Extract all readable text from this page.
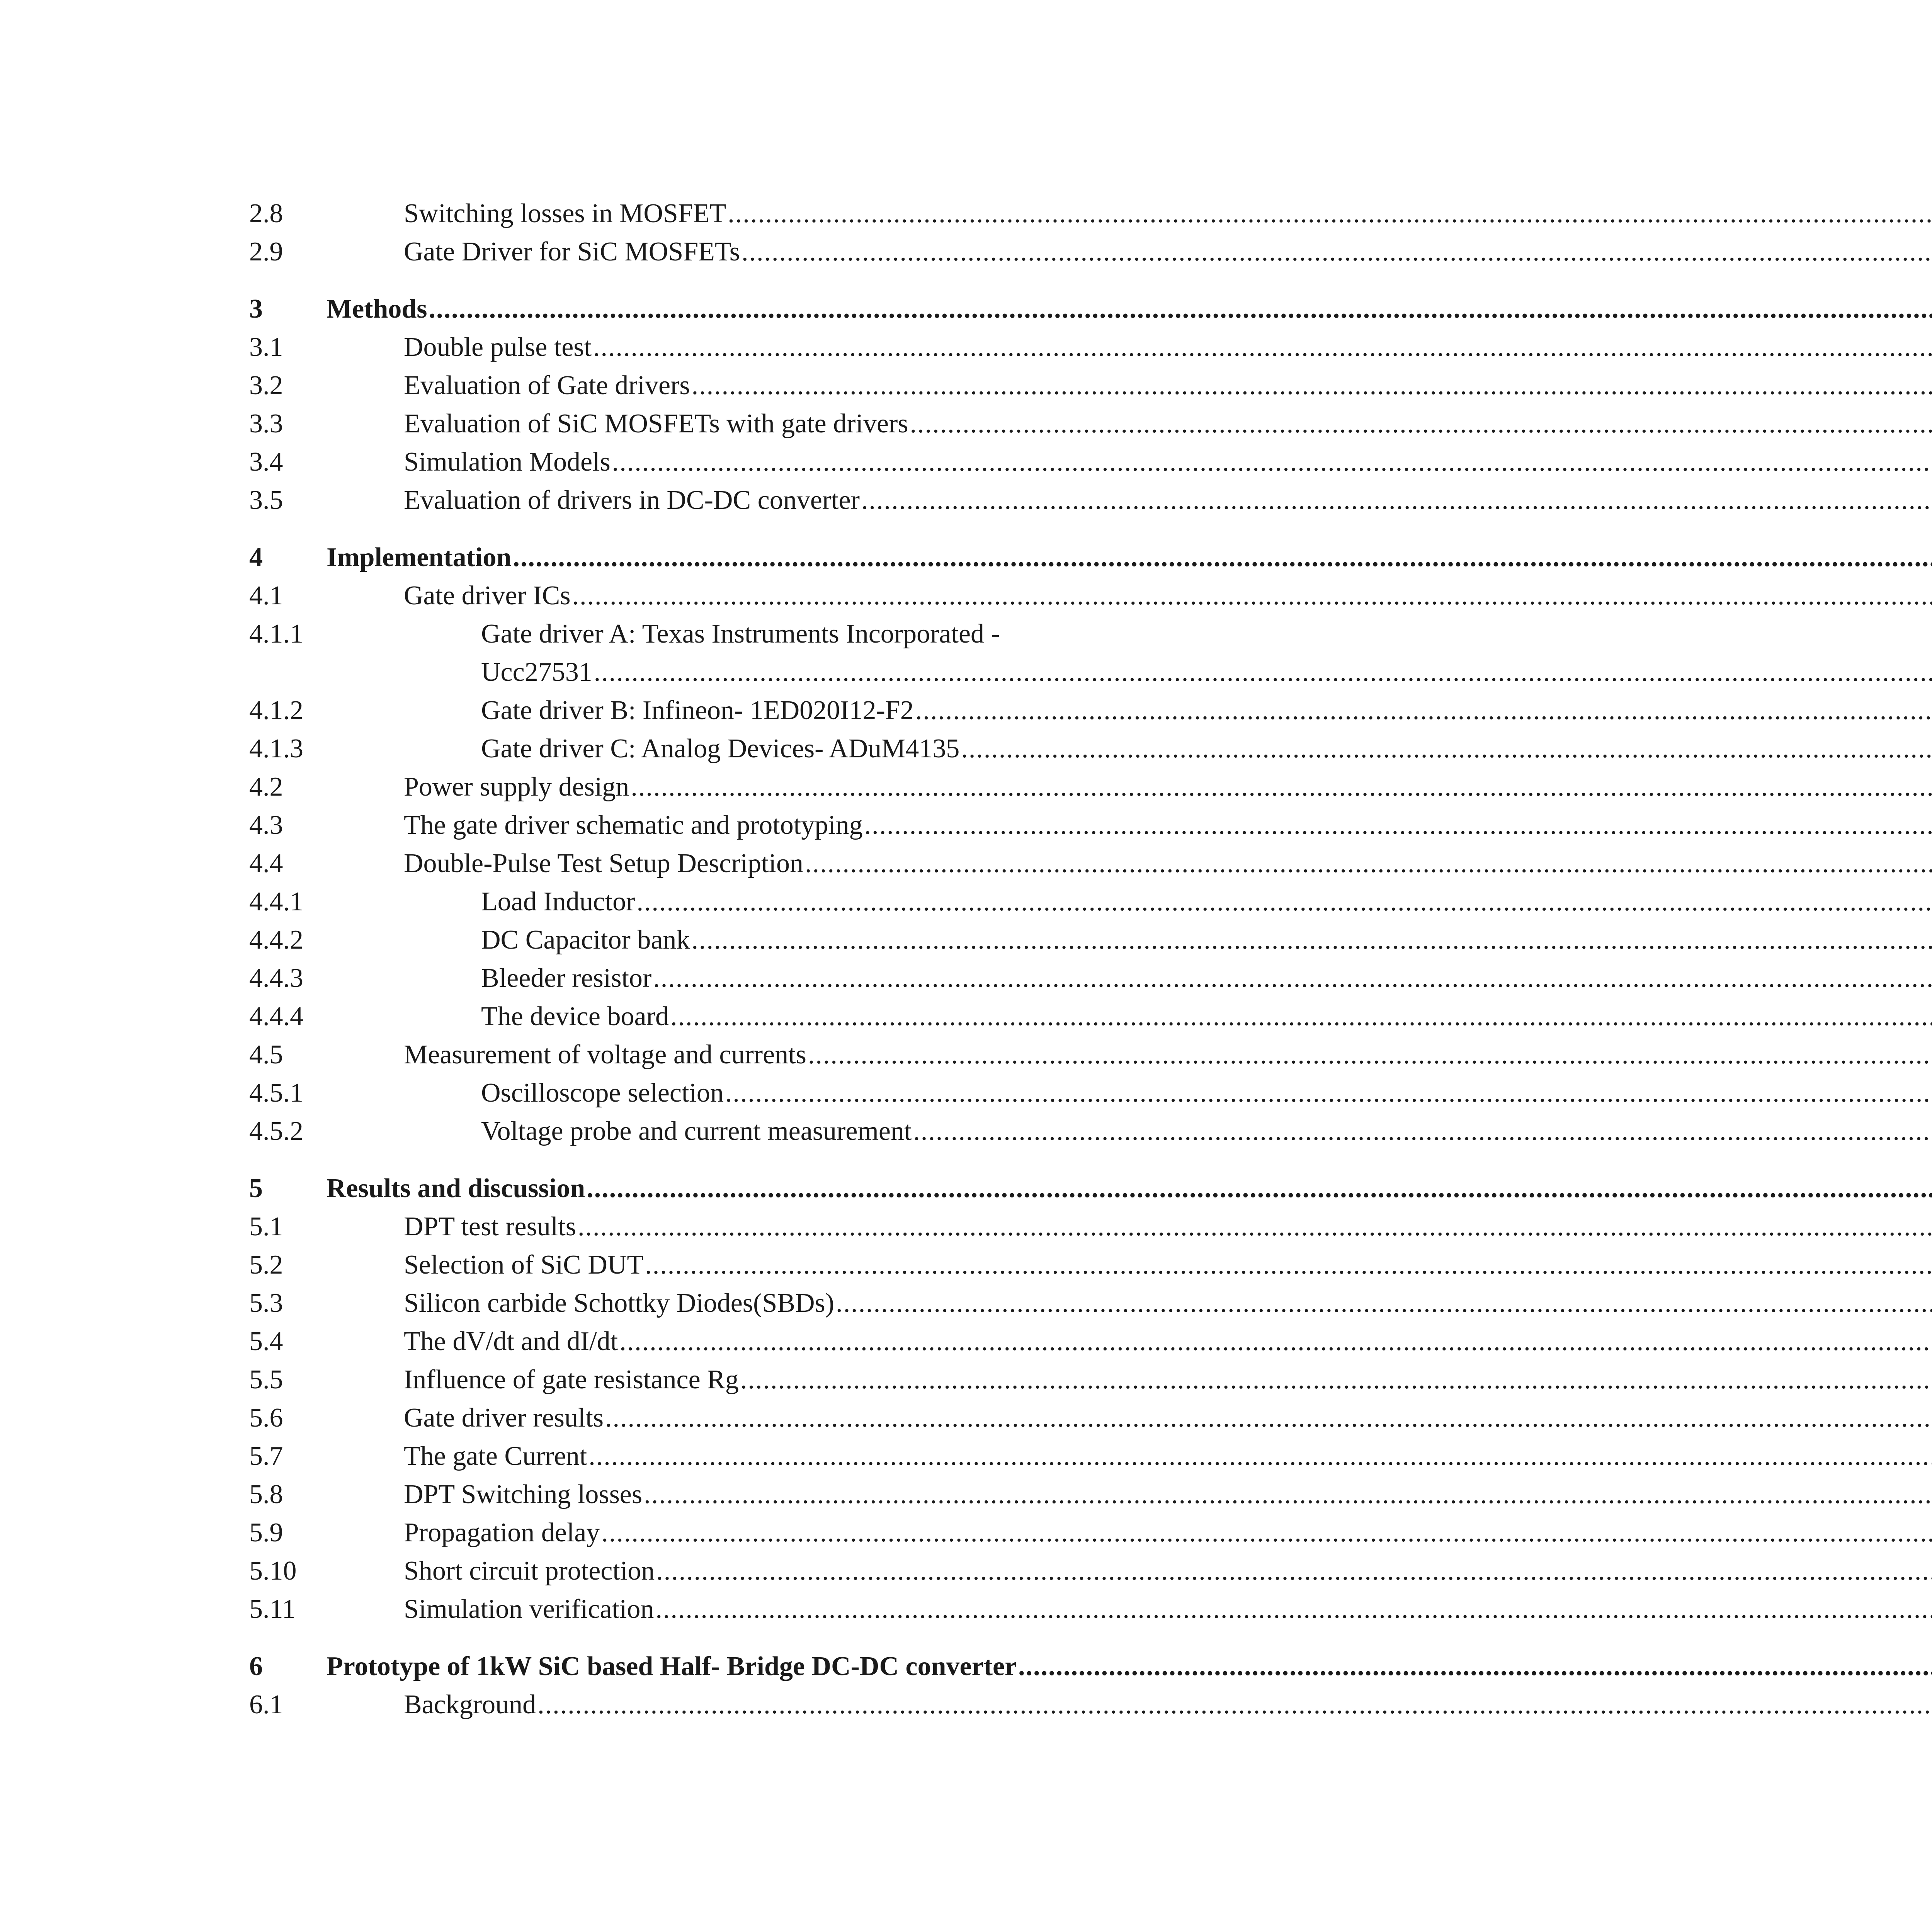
2.8	Switching losses in MOSFET
.....
2.9	Gate Driver for SiC MOSFETs
.....
3 Methods
.....
3.1	Double pulse test
.....
3.2	Evaluation of Gate drivers
.....
3.3	Evaluation of SiC MOSFETs with gate drivers
.....
3.4	Simulation Models
.....
3.5	Evaluation of drivers in DC-DC converter
.....
4 Implementation
.....
4.1	Gate driver ICs
.....
4.1.1	Gate driver A: Texas Instruments Incorporated -
Ucc27531
.....
4.1.2	Gate driver B: Infineon- 1ED020I12-F2
.....
4.1.3	Gate driver C: Analog Devices- ADuM4135
.....
4.2	Power supply design
.....
4.3	The gate driver schematic and prototyping
.....
4.4	Double-Pulse Test Setup Description
.....
4.4.1	Load Inductor
.....
4.4.2	DC Capacitor bank
.....
4.4.3	Bleeder resistor
.....
4.4.4	The device board
.....
4.5	Measurement of voltage and currents
.....
4.5.1	Oscilloscope selection
.....
4.5.2	Voltage probe and current measurement
.....
5 Results and discussion
.....
5.1	DPT test results
.....
5.2	Selection of SiC DUT
.....
5.3	Silicon carbide Schottky Diodes(SBDs)
.....
5.4	The dV/dt and dI/dt
.....
5.5	Influence of gate resistance Rg
.....
5.6	Gate driver results
.....
5.7	The gate Current
.....
5.8	DPT Switching losses
.....
5.9	Propagation delay
.....
5.10	Short circuit protection
.....
5.11	Simulation verification
.....
6 Prototype of 1kW SiC based Half- Bridge DC-DC converter
.....
6.1	Background
.....
